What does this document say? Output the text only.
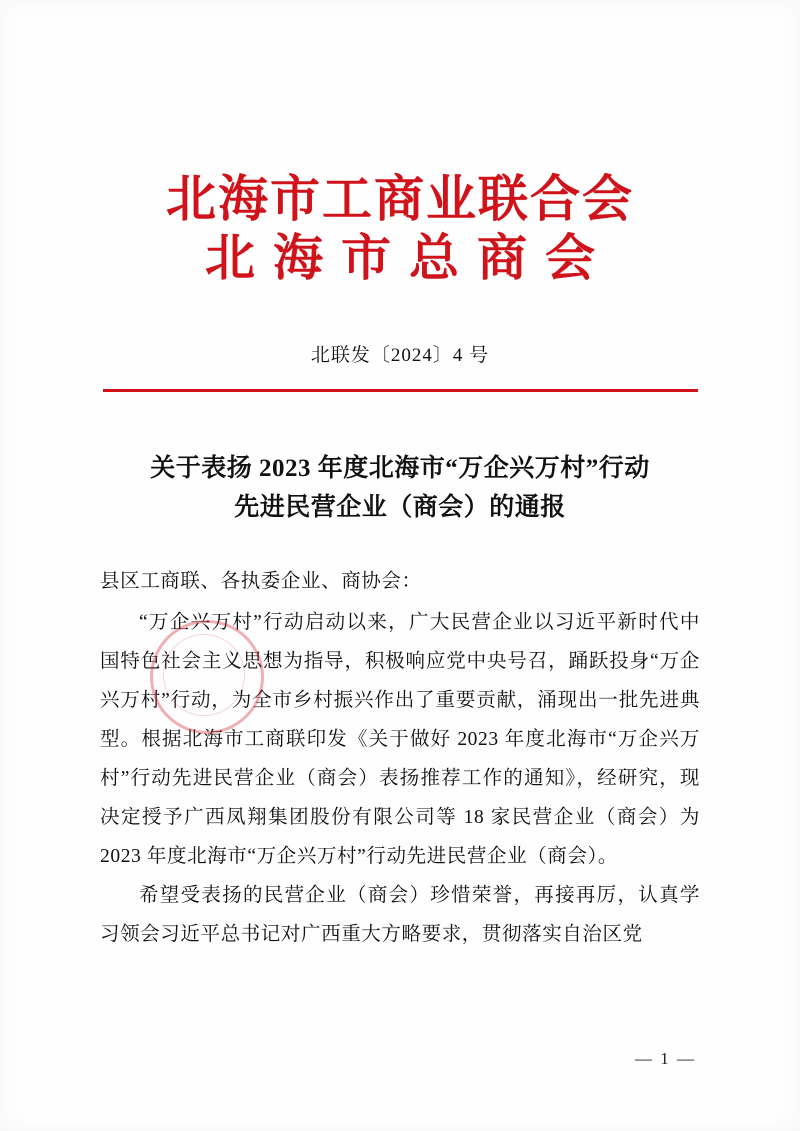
北海市工商业联合会
北海市总商会
北联发〔2024〕4 号
关于表扬 2023 年度北海市“万企兴万村”行动
先进民营企业（商会）的通报

县区工商联、各执委企业、商协会：

“万企兴万村”行动启动以来，广大民营企业以习近平新时代中国特色社会主义思想为指导，积极响应党中央号召，踊跃投身“万企兴万村”行动，为全市乡村振兴作出了重要贡献，涌现出一批先进典型。根据北海市工商联印发《关于做好 2023 年度北海市“万企兴万村”行动先进民营企业（商会）表扬推荐工作的通知》，经研究，现决定授予广西凤翔集团股份有限公司等 18 家民营企业（商会）为 2023 年度北海市“万企兴万村”行动先进民营企业（商会）。

希望受表扬的民营企业（商会）珍惜荣誉，再接再厉，认真学习领会习近平总书记对广西重大方略要求，贯彻落实自治区党

— 1 —
